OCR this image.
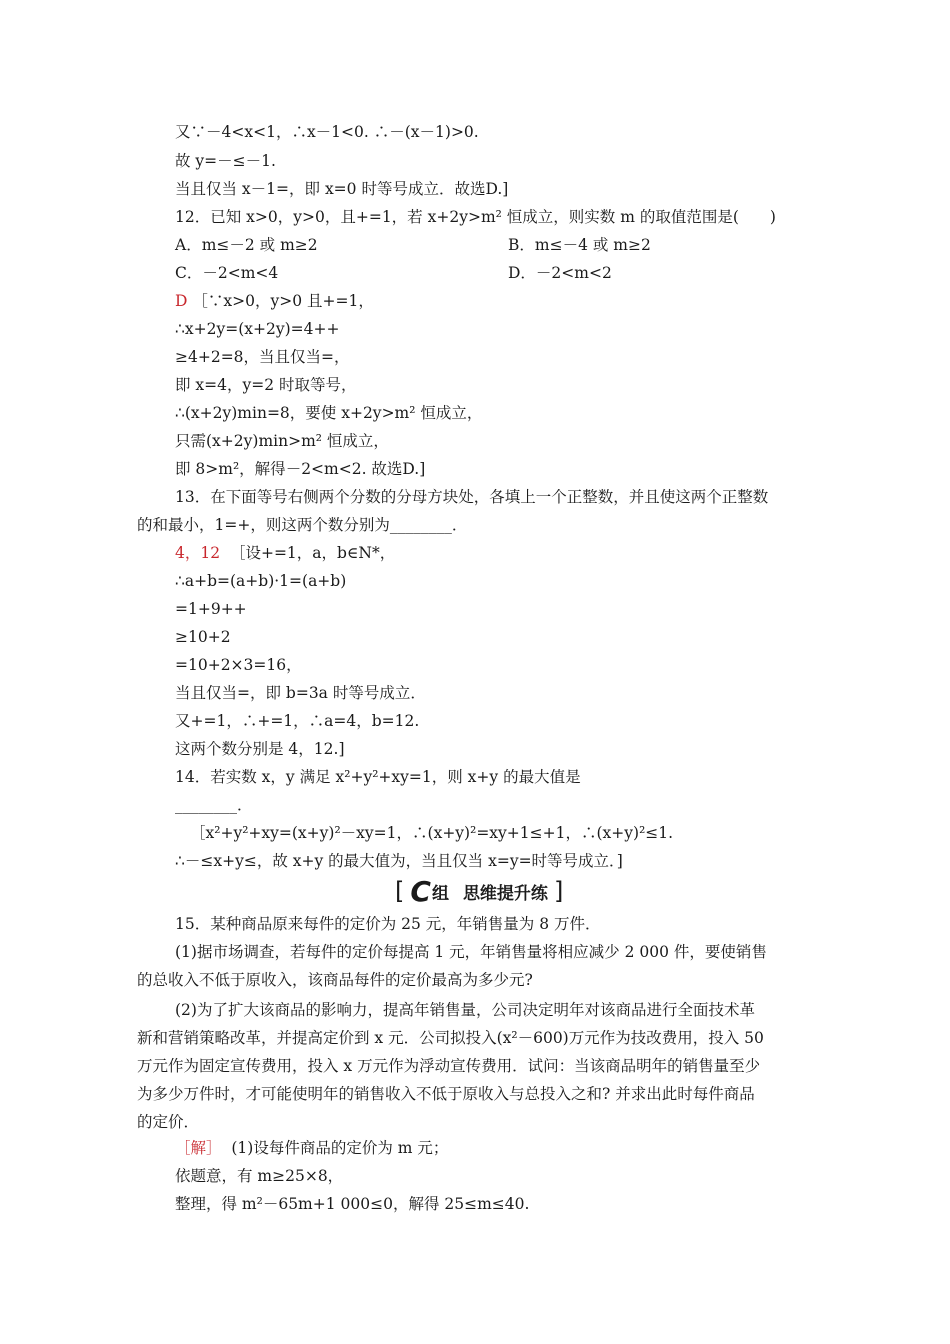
又∵－4<x<1，∴x－1<0. ∴－(x－1)>0.
故 y=－≤－1.
当且仅当 x－1=，即 x=0 时等号成立．故选D.]
12．已知 x>0，y>0，且+=1，若 x+2y>m² 恒成立，则实数 m 的取值范围是(　　)
A．m≤－2 或 m≥2	B．m≤－4 或 m≥2
C．－2<m<4	D．－2<m<2
D ［∵x>0，y>0 且+=1，
∴x+2y=(x+2y)=4++
≥4+2=8，当且仅当=，
即 x=4，y=2 时取等号，
∴(x+2y)min=8，要使 x+2y>m² 恒成立，
只需(x+2y)min>m² 恒成立，
即 8>m²，解得－2<m<2. 故选D.]
13．在下面等号右侧两个分数的分母方块处，各填上一个正整数，并且使这两个正整数
的和最小，1=+，则这两个数分别为________．
4，12 ［设+=1，a，b∈N*，
∴a+b=(a+b)·1=(a+b)
=1+9++
≥10+2
=10+2×3=16，
当且仅当=，即 b=3a 时等号成立．
又+=1，∴+=1，∴a=4，b=12.
这两个数分别是 4，12.]
14．若实数 x，y 满足 x²+y²+xy=1，则 x+y 的最大值是
________．
［x²+y²+xy=(x+y)²－xy=1，∴(x+y)²=xy+1≤+1，∴(x+y)²≤1.
∴－≤x+y≤，故 x+y 的最大值为，当且仅当 x=y=时等号成立．]
[ C 组 思维提升练 ]
15．某种商品原来每件的定价为 25 元，年销售量为 8 万件．
(1)据市场调查，若每件的定价每提高 1 元，年销售量将相应减少 2 000 件，要使销售
的总收入不低于原收入，该商品每件的定价最高为多少元?
(2)为了扩大该商品的影响力，提高年销售量，公司决定明年对该商品进行全面技术革
新和营销策略改革，并提高定价到 x 元．公司拟投入(x²－600)万元作为技改费用，投入 50
万元作为固定宣传费用，投入 x 万元作为浮动宣传费用．试问：当该商品明年的销售量至少
为多少万件时，才可能使明年的销售收入不低于原收入与总投入之和? 并求出此时每件商品
的定价．
［解］ (1)设每件商品的定价为 m 元；
依题意，有 m≥25×8，
整理，得 m²－65m+1 000≤0，解得 25≤m≤40.
